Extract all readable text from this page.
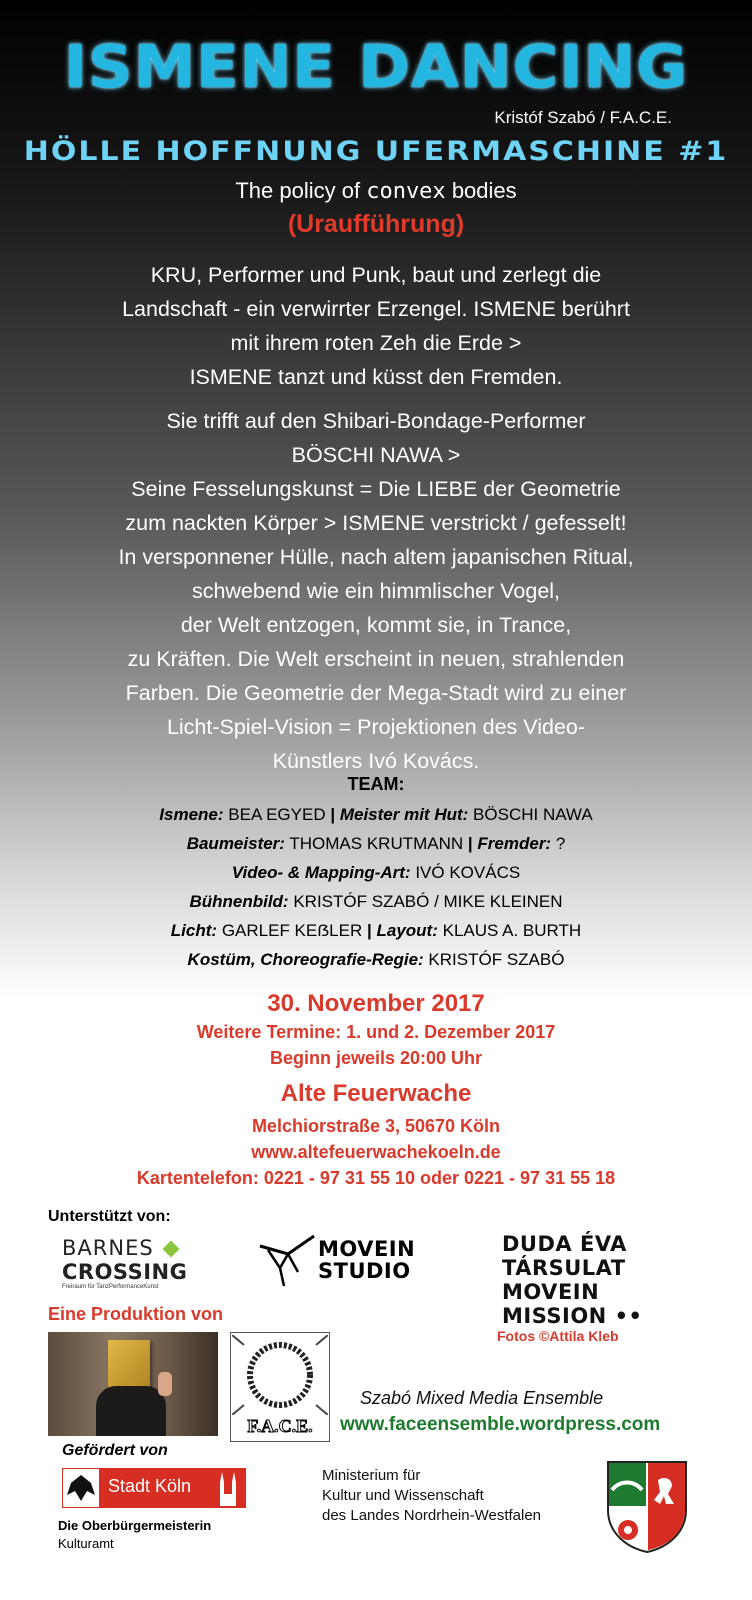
ISMENE DANCING
Kristóf Szabó / F.A.C.E.
HÖLLE HOFFNUNG UFERMASCHINE #1
The policy of convex bodies
(Uraufführung)
KRU, Performer und Punk, baut und zerlegt die
Landschaft - ein verwirrter Erzengel. ISMENE berührt
mit ihrem roten Zeh die Erde >
ISMENE tanzt und küsst den Fremden.
Sie trifft auf den Shibari-Bondage-Performer
BÖSCHI NAWA >
Seine Fesselungskunst = Die LIEBE der Geometrie
zum nackten Körper > ISMENE verstrickt / gefesselt!
In versponnener Hülle, nach altem japanischen Ritual,
schwebend wie ein himmlischer Vogel,
der Welt entzogen, kommt sie, in Trance,
zu Kräften. Die Welt erscheint in neuen, strahlenden
Farben. Die Geometrie der Mega-Stadt wird zu einer
Licht-Spiel-Vision = Projektionen des Video-
Künstlers Ivó Kovács.
TEAM:
Ismene: BEA EGYED | Meister mit Hut: BÖSCHI NAWA
Baumeister: THOMAS KRUTMANN | Fremder: ?
Video- & Mapping-Art: IVÓ KOVÁCS
Bühnenbild: KRISTÓF SZABÓ / MIKE KLEINEN
Licht: GARLEF KEẞLER | Layout: KLAUS A. BURTH
Kostüm, Choreografie-Regie: KRISTÓF SZABÓ
30. November 2017
Weitere Termine: 1. und 2. Dezember 2017
Beginn jeweils 20:00 Uhr
Alte Feuerwache
Melchiorstraße 3, 50670 Köln
www.altefeuerwachekoeln.de
Kartentelefon: 0221 - 97 31 55 10 oder 0221 - 97 31 55 18
Unterstützt von:
BARNES
CROSSING
Freiraum für TanzPerformanceKunst
MOVEIN
STUDIO
DUDA ÉVA
TÁRSULAT
MOVEIN
MISSION ••
Fotos ©Attila Kleb
Eine Produktion von
F.A.C.E.
Szabó Mixed Media Ensemble
www.faceensemble.wordpress.com
Gefördert von
Stadt Köln
Die Oberbürgermeisterin
Kulturamt
Ministerium für
Kultur und Wissenschaft
des Landes Nordrhein-Westfalen
